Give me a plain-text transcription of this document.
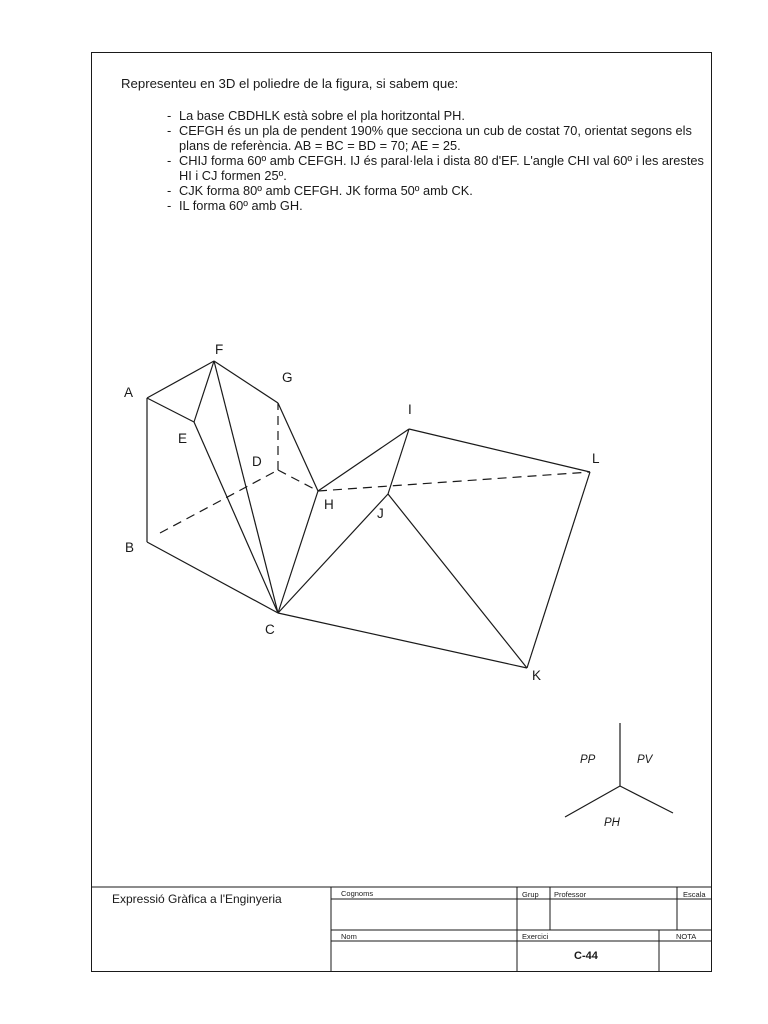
Representeu en 3D el poliedre de la figura, si sabem que:
- La base CBDHLK està sobre el pla horitzontal PH.
- CEFGH és un pla de pendent 190% que secciona un cub de costat 70, orientat segons els plans de referència. AB = BC = BD = 70; AE = 25.
- CHIJ forma 60º amb CEFGH. IJ és paral·lela i dista 80 d'EF. L'angle CHI val 60º i les arestes HI i CJ formen 25º.
- CJK forma 80º amb CEFGH. JK forma 50º amb CK.
- IL forma 60º amb GH.
A
B
C
D
E
F
G
H
I
J
K
L
PP	PV
PH
Expressió Gràfica a l'Enginyeria	Cognoms	Grup Professor	Escala
Nom	Exercici	NOTA
C-44
